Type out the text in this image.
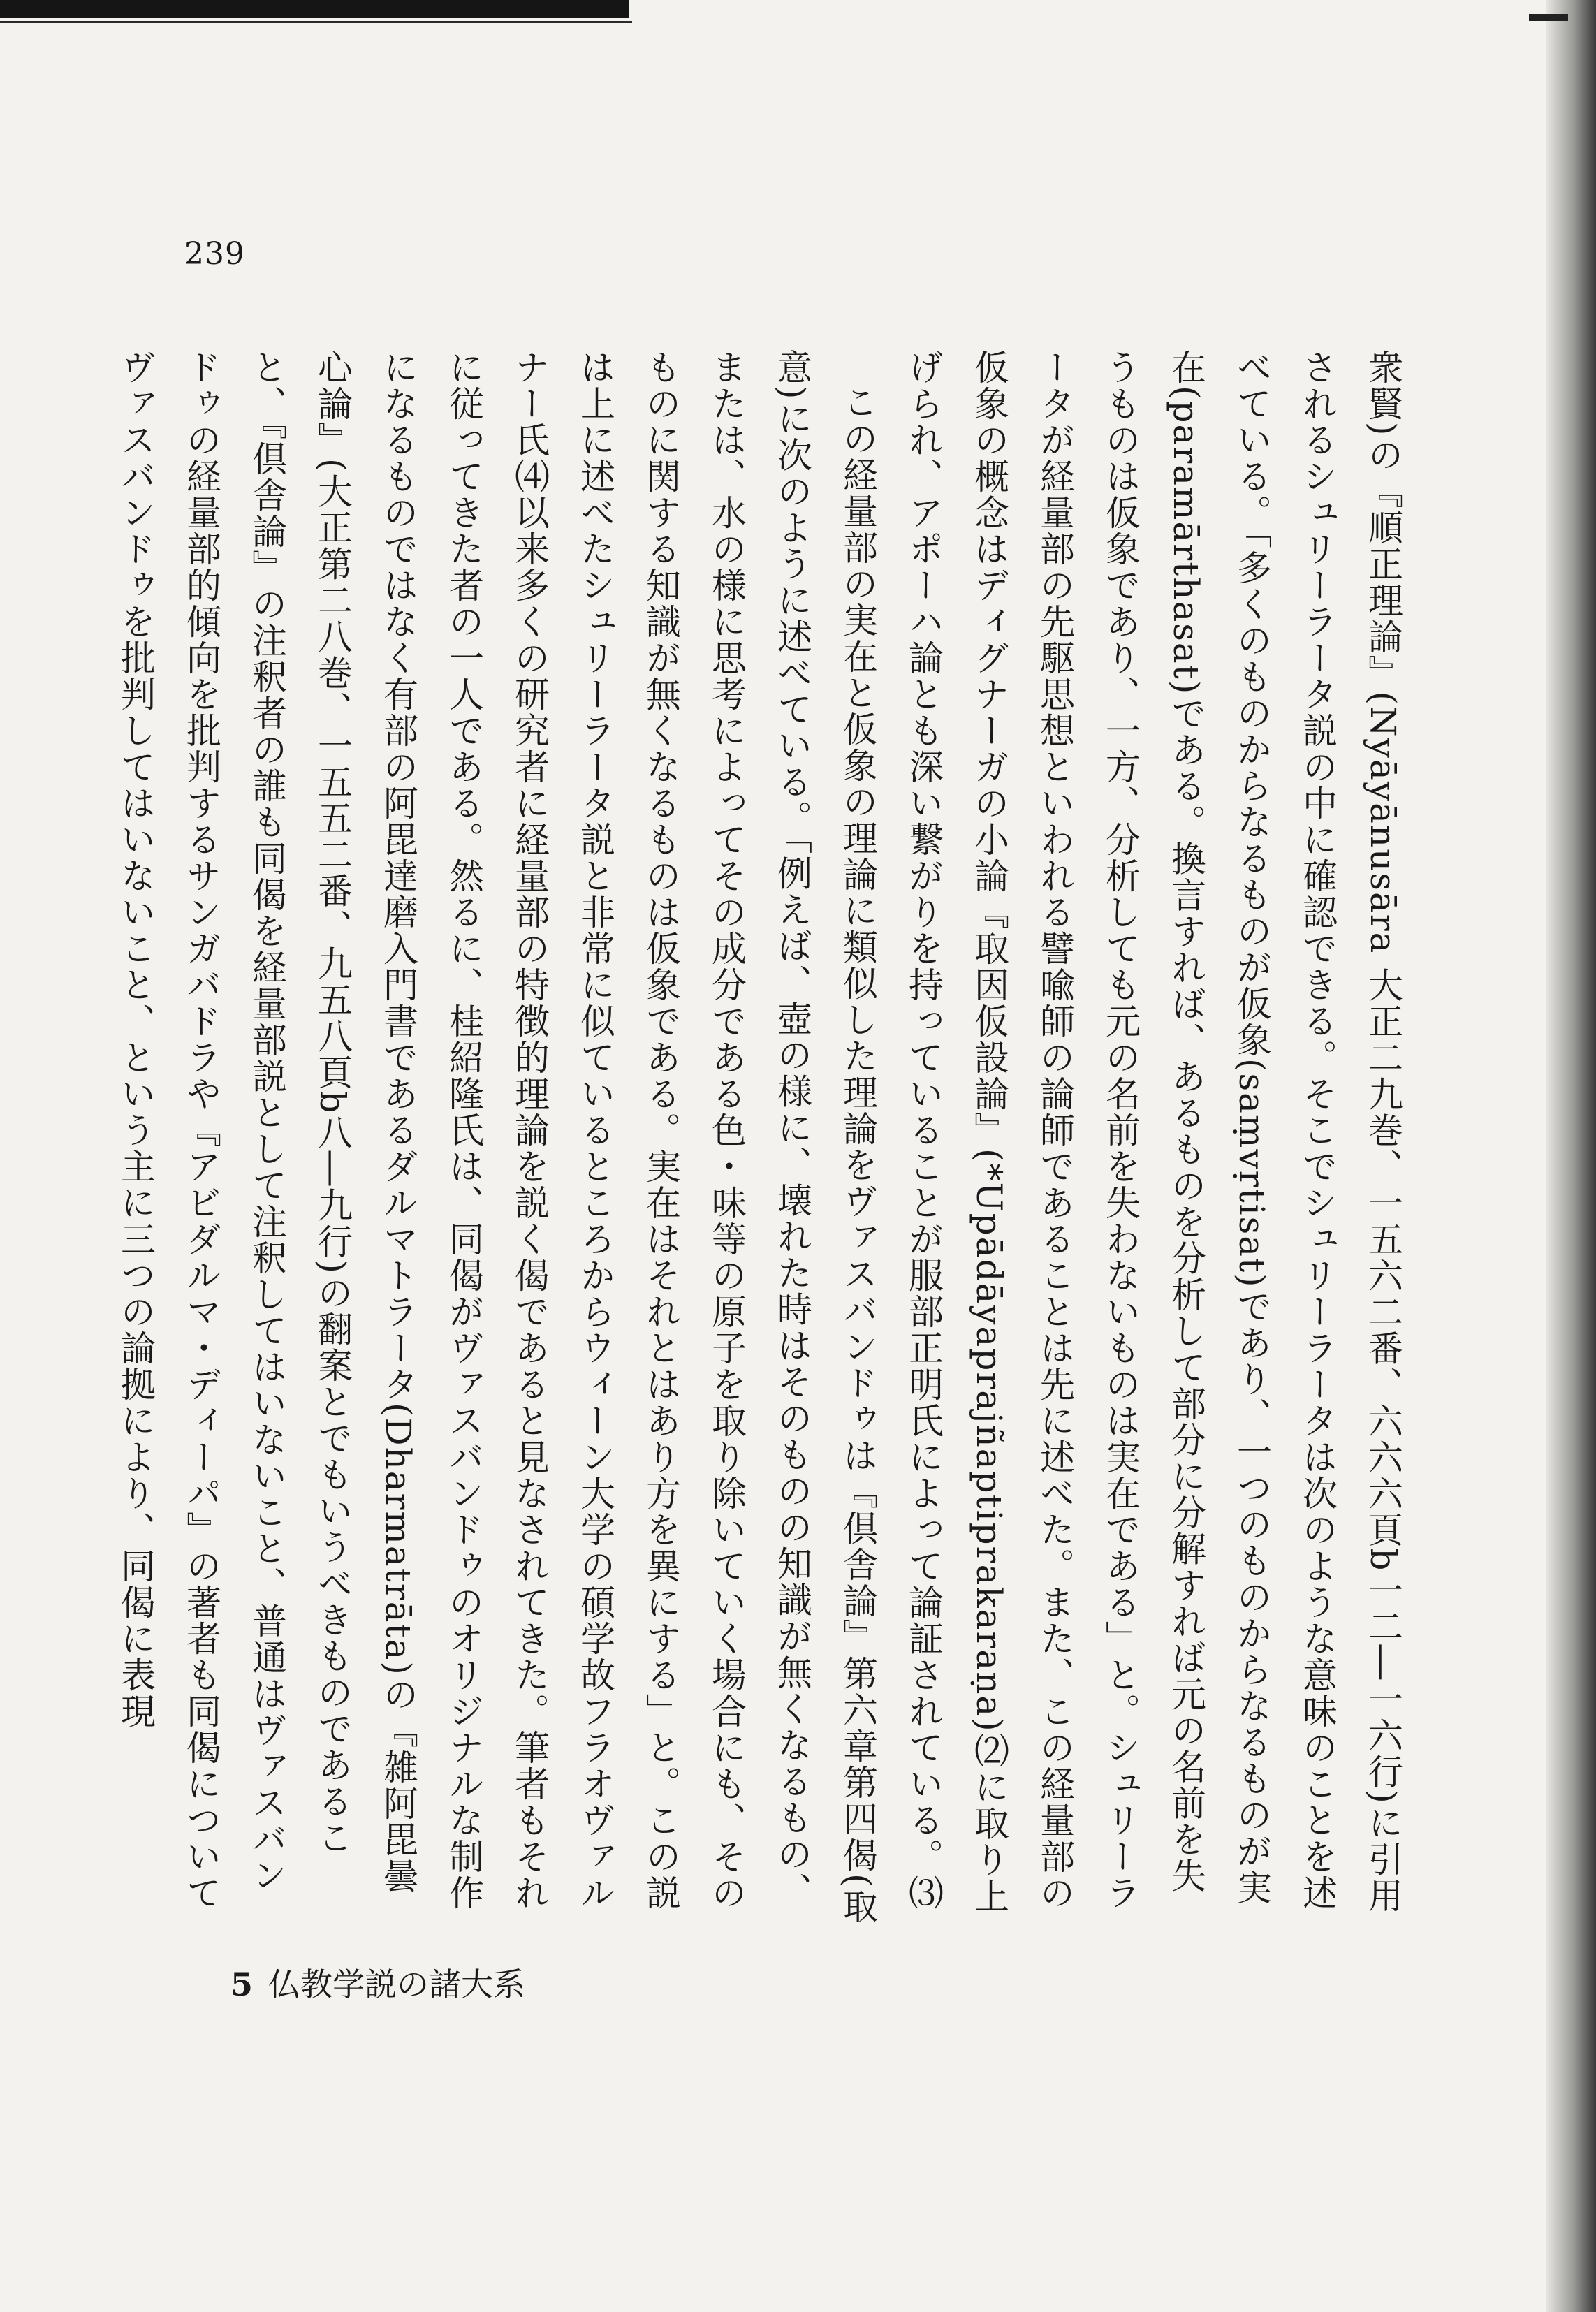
239

衆賢)の『順正理論』(Nyāyānusāra 大正二九巻、一五六二番、六六六頁b一二―一六行)に引用されるシュリーラータ説の中に確認できる。そこでシュリーラータは次のような意味のことを述べている。「多くのものからなるものが仮象(saṃvṛtisat)であり、一つのものからなるものが実在(paramārthasat)である。換言すれば、あるものを分析して部分に分解すれば元の名前を失うものは仮象であり、一方、分析しても元の名前を失わないものは実在である」と。シュリーラータが経量部の先駆思想といわれる譬喩師の論師であることは先に述べた。また、この経量部の仮象の概念はディグナーガの小論『取因仮設論』(*Upādāyaprajñaptiprakaraṇa)⑵に取り上げられ、アポーハ論とも深い繋がりを持っていることが服部正明氏によって論証されている。⑶

この経量部の実在と仮象の理論に類似した理論をヴァスバンドゥは『倶舎論』第六章第四偈(取意)に次のように述べている。「例えば、壺の様に、壊れた時はそのものの知識が無くなるもの、または、水の様に思考によってその成分である色・味等の原子を取り除いていく場合にも、そのものに関する知識が無くなるものは仮象である。実在はそれとはあり方を異にする」と。この説は上に述べたシュリーラータ説と非常に似ているところからウィーン大学の碩学故フラオヴァルナー氏⑷以来多くの研究者に経量部の特徴的理論を説く偈であると見なされてきた。筆者もそれに従ってきた者の一人である。然るに、桂紹隆氏は、同偈がヴァスバンドゥのオリジナルな制作になるものではなく有部の阿毘達磨入門書であるダルマトラータ(Dharmatrāta)の『雑阿毘曇心論』(大正第二八巻、一五五二番、九五八頁b八―九行)の翻案とでもいうべきものであること、『倶舎論』の注釈者の誰も同偈を経量部説として注釈してはいないこと、普通はヴァスバンドゥの経量部的傾向を批判するサンガバドラや『アビダルマ・ディーパ』の著者も同偈についてヴァスバンドゥを批判してはいないこと、という主に三つの論拠により、同偈に表現

5 仏教学説の諸大系
